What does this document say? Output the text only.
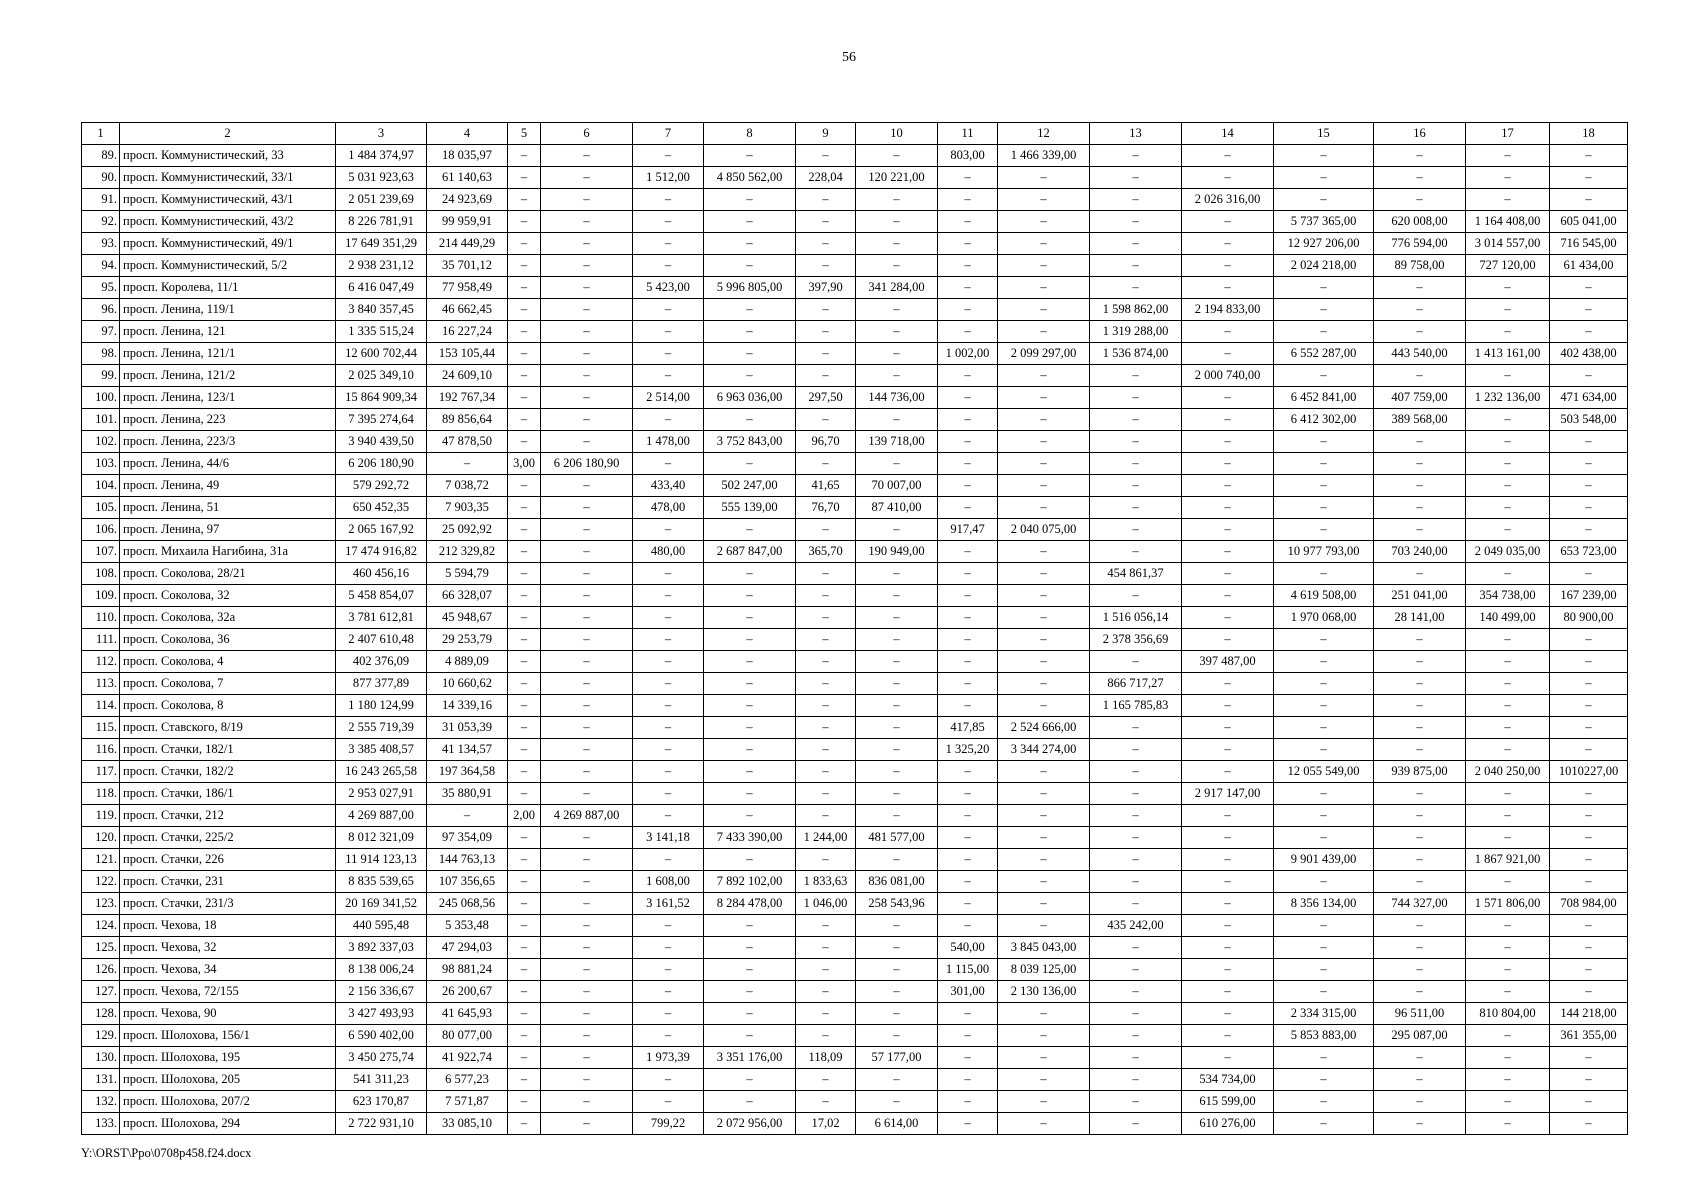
56
1	2	3	4	5	6	7	8	9	10	11	12	13	14	15	16	17	18
89.	просп. Коммунистический, 33	1 484 374,97	18 035,97	–	–	–	–	–	–	803,00	1 466 339,00	–	–	–	–	–	–
90.	просп. Коммунистический, 33/1	5 031 923,63	61 140,63	–	–	1 512,00	4 850 562,00	228,04	120 221,00	–	–	–	–	–	–	–	–
91.	просп. Коммунистический, 43/1	2 051 239,69	24 923,69	–	–	–	–	–	–	–	–	–	2 026 316,00	–	–	–	–
92.	просп. Коммунистический, 43/2	8 226 781,91	99 959,91	–	–	–	–	–	–	–	–	–	–	5 737 365,00	620 008,00	1 164 408,00	605 041,00
93.	просп. Коммунистический, 49/1	17 649 351,29	214 449,29	–	–	–	–	–	–	–	–	–	–	12 927 206,00	776 594,00	3 014 557,00	716 545,00
94.	просп. Коммунистический, 5/2	2 938 231,12	35 701,12	–	–	–	–	–	–	–	–	–	–	2 024 218,00	89 758,00	727 120,00	61 434,00
95.	просп. Королева, 11/1	6 416 047,49	77 958,49	–	–	5 423,00	5 996 805,00	397,90	341 284,00	–	–	–	–	–	–	–	–
96.	просп. Ленина, 119/1	3 840 357,45	46 662,45	–	–	–	–	–	–	–	–	1 598 862,00	2 194 833,00	–	–	–	–
97.	просп. Ленина, 121	1 335 515,24	16 227,24	–	–	–	–	–	–	–	–	1 319 288,00	–	–	–	–	–
98.	просп. Ленина, 121/1	12 600 702,44	153 105,44	–	–	–	–	–	–	1 002,00	2 099 297,00	1 536 874,00	–	6 552 287,00	443 540,00	1 413 161,00	402 438,00
99.	просп. Ленина, 121/2	2 025 349,10	24 609,10	–	–	–	–	–	–	–	–	–	2 000 740,00	–	–	–	–
100.	просп. Ленина, 123/1	15 864 909,34	192 767,34	–	–	2 514,00	6 963 036,00	297,50	144 736,00	–	–	–	–	6 452 841,00	407 759,00	1 232 136,00	471 634,00
101.	просп. Ленина, 223	7 395 274,64	89 856,64	–	–	–	–	–	–	–	–	–	–	6 412 302,00	389 568,00	–	503 548,00
102.	просп. Ленина, 223/3	3 940 439,50	47 878,50	–	–	1 478,00	3 752 843,00	96,70	139 718,00	–	–	–	–	–	–	–	–
103.	просп. Ленина, 44/6	6 206 180,90	–	3,00	6 206 180,90	–	–	–	–	–	–	–	–	–	–	–	–
104.	просп. Ленина, 49	579 292,72	7 038,72	–	–	433,40	502 247,00	41,65	70 007,00	–	–	–	–	–	–	–	–
105.	просп. Ленина, 51	650 452,35	7 903,35	–	–	478,00	555 139,00	76,70	87 410,00	–	–	–	–	–	–	–	–
106.	просп. Ленина, 97	2 065 167,92	25 092,92	–	–	–	–	–	–	917,47	2 040 075,00	–	–	–	–	–	–
107.	просп. Михаила Нагибина, 31а	17 474 916,82	212 329,82	–	–	480,00	2 687 847,00	365,70	190 949,00	–	–	–	–	10 977 793,00	703 240,00	2 049 035,00	653 723,00
108.	просп. Соколова, 28/21	460 456,16	5 594,79	–	–	–	–	–	–	–	–	454 861,37	–	–	–	–	–
109.	просп. Соколова, 32	5 458 854,07	66 328,07	–	–	–	–	–	–	–	–	–	–	4 619 508,00	251 041,00	354 738,00	167 239,00
110.	просп. Соколова, 32а	3 781 612,81	45 948,67	–	–	–	–	–	–	–	–	1 516 056,14	–	1 970 068,00	28 141,00	140 499,00	80 900,00
111.	просп. Соколова, 36	2 407 610,48	29 253,79	–	–	–	–	–	–	–	–	2 378 356,69	–	–	–	–	–
112.	просп. Соколова, 4	402 376,09	4 889,09	–	–	–	–	–	–	–	–	–	397 487,00	–	–	–	–
113.	просп. Соколова, 7	877 377,89	10 660,62	–	–	–	–	–	–	–	–	866 717,27	–	–	–	–	–
114.	просп. Соколова, 8	1 180 124,99	14 339,16	–	–	–	–	–	–	–	–	1 165 785,83	–	–	–	–	–
115.	просп. Ставского, 8/19	2 555 719,39	31 053,39	–	–	–	–	–	–	417,85	2 524 666,00	–	–	–	–	–	–
116.	просп. Стачки, 182/1	3 385 408,57	41 134,57	–	–	–	–	–	–	1 325,20	3 344 274,00	–	–	–	–	–	–
117.	просп. Стачки, 182/2	16 243 265,58	197 364,58	–	–	–	–	–	–	–	–	–	–	12 055 549,00	939 875,00	2 040 250,00	1010227,00
118.	просп. Стачки, 186/1	2 953 027,91	35 880,91	–	–	–	–	–	–	–	–	–	2 917 147,00	–	–	–	–
119.	просп. Стачки, 212	4 269 887,00	–	2,00	4 269 887,00	–	–	–	–	–	–	–	–	–	–	–	–
120.	просп. Стачки, 225/2	8 012 321,09	97 354,09	–	–	3 141,18	7 433 390,00	1 244,00	481 577,00	–	–	–	–	–	–	–	–
121.	просп. Стачки, 226	11 914 123,13	144 763,13	–	–	–	–	–	–	–	–	–	–	9 901 439,00	–	1 867 921,00	–
122.	просп. Стачки, 231	8 835 539,65	107 356,65	–	–	1 608,00	7 892 102,00	1 833,63	836 081,00	–	–	–	–	–	–	–	–
123.	просп. Стачки, 231/3	20 169 341,52	245 068,56	–	–	3 161,52	8 284 478,00	1 046,00	258 543,96	–	–	–	–	8 356 134,00	744 327,00	1 571 806,00	708 984,00
124.	просп. Чехова, 18	440 595,48	5 353,48	–	–	–	–	–	–	–	–	435 242,00	–	–	–	–	–
125.	просп. Чехова, 32	3 892 337,03	47 294,03	–	–	–	–	–	–	540,00	3 845 043,00	–	–	–	–	–	–
126.	просп. Чехова, 34	8 138 006,24	98 881,24	–	–	–	–	–	–	1 115,00	8 039 125,00	–	–	–	–	–	–
127.	просп. Чехова, 72/155	2 156 336,67	26 200,67	–	–	–	–	–	–	301,00	2 130 136,00	–	–	–	–	–	–
128.	просп. Чехова, 90	3 427 493,93	41 645,93	–	–	–	–	–	–	–	–	–	–	2 334 315,00	96 511,00	810 804,00	144 218,00
129.	просп. Шолохова, 156/1	6 590 402,00	80 077,00	–	–	–	–	–	–	–	–	–	–	5 853 883,00	295 087,00	–	361 355,00
130.	просп. Шолохова, 195	3 450 275,74	41 922,74	–	–	1 973,39	3 351 176,00	118,09	57 177,00	–	–	–	–	–	–	–	–
131.	просп. Шолохова, 205	541 311,23	6 577,23	–	–	–	–	–	–	–	–	–	534 734,00	–	–	–	–
132.	просп. Шолохова, 207/2	623 170,87	7 571,87	–	–	–	–	–	–	–	–	–	615 599,00	–	–	–	–
133.	просп. Шолохова, 294	2 722 931,10	33 085,10	–	–	799,22	2 072 956,00	17,02	6 614,00	–	–	–	610 276,00	–	–	–	–
Y:\ORST\Ppo\0708p458.f24.docx
